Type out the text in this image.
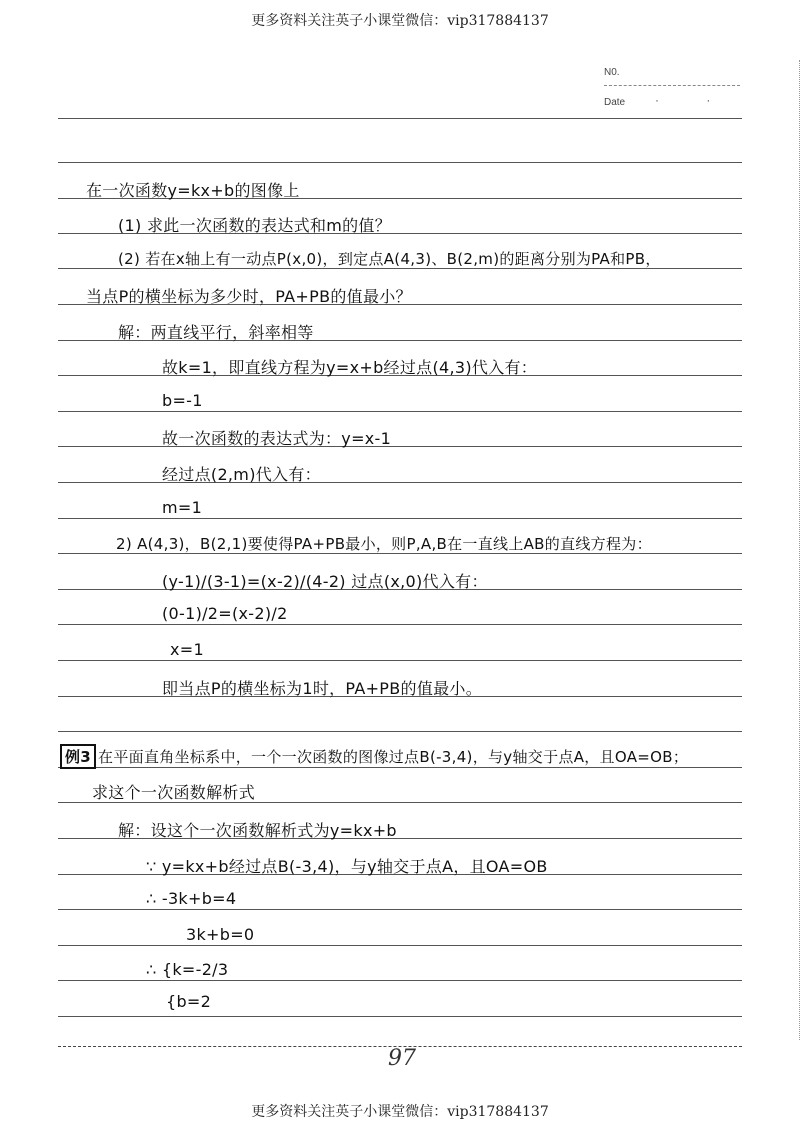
更多资料关注英子小课堂微信：vip317884137
N0.
Date · ·
在一次函数y=kx+b的图像上
(1) 求此一次函数的表达式和m的值？
(2) 若在x轴上有一动点P(x,0)，到定点A(4,3)、B(2,m)的距离分别为PA和PB，
当点P的横坐标为多少时，PA+PB的值最小？
解：两直线平行，斜率相等
故k=1，即直线方程为y=x+b经过点(4,3)代入有：
b=-1
故一次函数的表达式为：y=x-1
经过点(2,m)代入有：
m=1
2) A(4,3)，B(2,1)要使得PA+PB最小，则P,A,B在一直线上AB的直线方程为：
(y-1)/(3-1)=(x-2)/(4-2) 过点(x,0)代入有：
(0-1)/2=(x-2)/2
x=1
即当点P的横坐标为1时，PA+PB的值最小。
例3 在平面直角坐标系中，一个一次函数的图像过点B(-3,4)，与y轴交于点A，且OA=OB；
求这个一次函数解析式
解：设这个一次函数解析式为y=kx+b
∵ y=kx+b经过点B(-3,4)，与y轴交于点A，且OA=OB
∴ -3k+b=4
3k+b=0
∴ {k=-2/3
{b=2
97
更多资料关注英子小课堂微信：vip317884137
